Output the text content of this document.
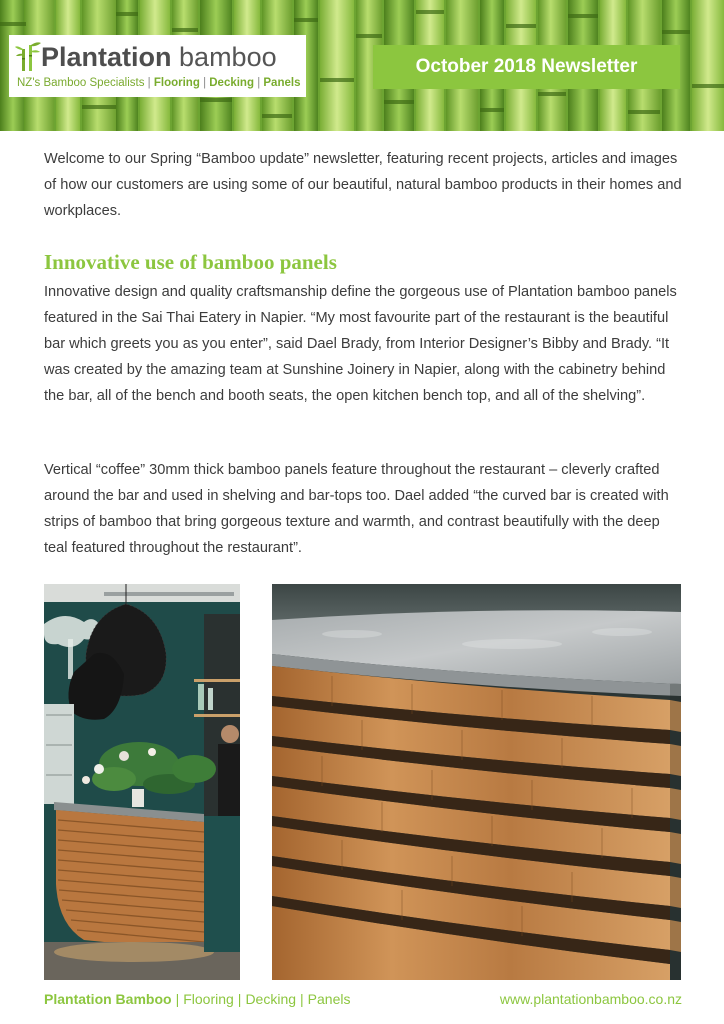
Plantation bamboo
NZ's Bamboo Specialists | Flooring | Decking | Panels
October 2018 Newsletter

Welcome to our Spring “Bamboo update” newsletter, featuring recent projects, articles and images of how our customers are using some of our beautiful, natural bamboo products in their homes and workplaces.

Innovative use of bamboo panels

Innovative design and quality craftsmanship define the gorgeous use of Plantation bamboo panels featured in the Sai Thai Eatery in Napier. “My most favourite part of the restaurant is the beautiful bar which greets you as you enter”, said Dael Brady, from Interior Designer’s Bibby and Brady. “It was created by the amazing team at Sunshine Joinery in Napier, along with the cabinetry behind the bar, all of the bench and booth seats, the open kitchen bench top, and all of the shelving”.

Vertical “coffee” 30mm thick bamboo panels feature throughout the restaurant – cleverly crafted around the bar and used in shelving and bar-tops too. Dael added “the curved bar is created with strips of bamboo that bring gorgeous texture and warmth, and contrast beautifully with the deep teal featured throughout the restaurant”.

Plantation Bamboo | Flooring | Decking | Panels	www.plantationbamboo.co.nz
